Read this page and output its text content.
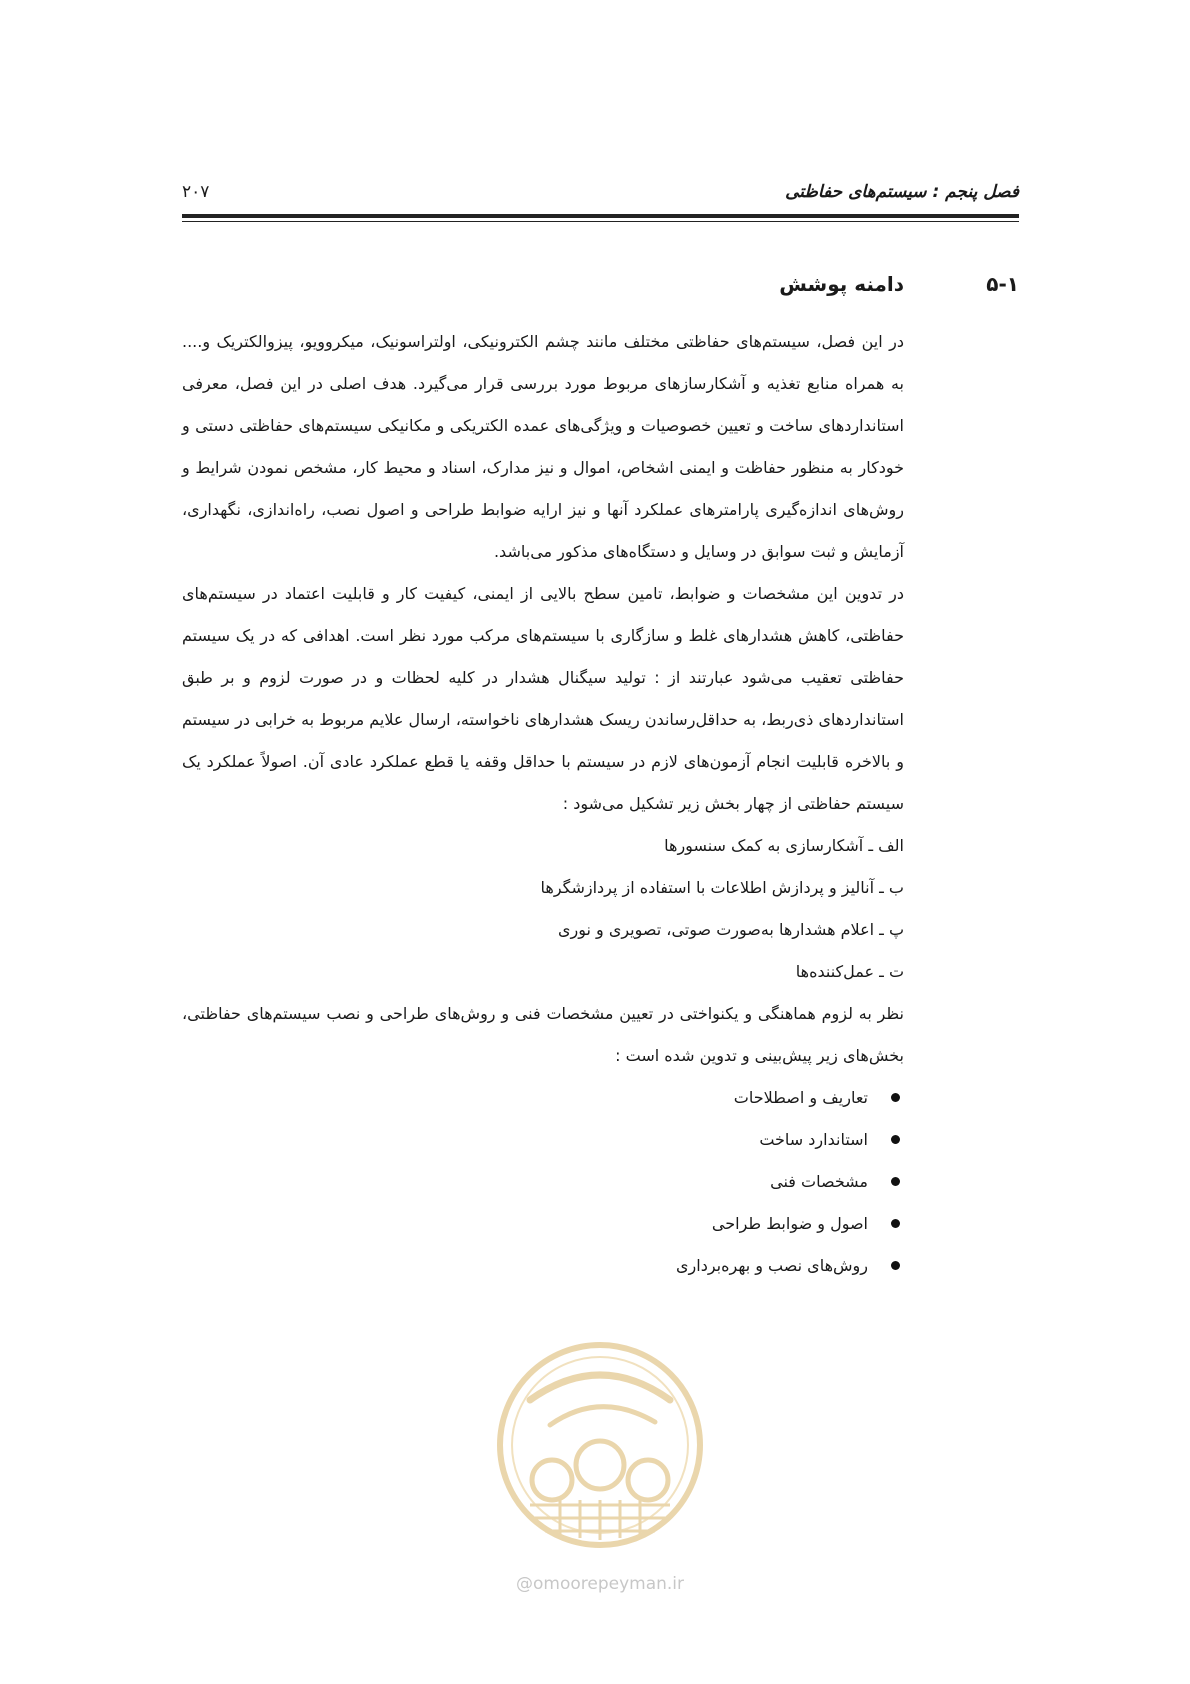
فصل پنجم : سیستم‌های حفاظتی
۲۰۷
۵-۱
دامنه پوشش

در این فصل، سیستم‌های حفاظتی مختلف مانند چشم الکترونیکی، اولتراسونیک، میکروویو، پیزوالکتریک و.... به همراه منابع تغذیه و آشکارسازهای مربوط مورد بررسی قرار می‌گیرد. هدف اصلی در این فصل، معرفی استانداردهای ساخت و تعیین خصوصیات و ویژگی‌های عمده الکتریکی و مکانیکی سیستم‌های حفاظتی دستی و خودکار به منظور حفاظت و ایمنی اشخاص، اموال و نیز مدارک، اسناد و محیط کار، مشخص نمودن شرایط و روش‌های اندازه‌گیری پارامترهای عملکرد آنها و نیز ارایه ضوابط طراحی و اصول نصب، راه‌اندازی، نگهداری، آزمایش و ثبت سوابق در وسایل و دستگاه‌های مذکور می‌باشد.

در تدوین این مشخصات و ضوابط، تامین سطح بالایی از ایمنی، کیفیت کار و قابلیت اعتماد در سیستم‌های حفاظتی، کاهش هشدارهای غلط و سازگاری با سیستم‌های مرکب مورد نظر است. اهدافی که در یک سیستم حفاظتی تعقیب می‌شود عبارتند از : تولید سیگنال هشدار در کلیه لحظات و در صورت لزوم و بر طبق استانداردهای ذی‌ربط، به حداقل‌رساندن ریسک هشدارهای ناخواسته، ارسال علایم مربوط به خرابی در سیستم و بالاخره قابلیت انجام آزمون‌های لازم در سیستم با حداقل وقفه یا قطع عملکرد عادی آن. اصولاً عملکرد یک سیستم حفاظتی از چهار بخش زیر تشکیل می‌شود :

الف ـ آشکارسازی به کمک سنسورها

ب ـ آنالیز و پردازش اطلاعات با استفاده از پردازشگرها

پ ـ اعلام هشدارها به‌صورت صوتی، تصویری و نوری

ت ـ عمل‌کننده‌ها

نظر به لزوم هماهنگی و یکنواختی در تعیین مشخصات فنی و روش‌های طراحی و نصب سیستم‌های حفاظتی، بخش‌های زیر پیش‌بینی و تدوین شده است :

تعاریف و اصطلاحات
استاندارد ساخت
مشخصات فنی
اصول و ضوابط طراحی
روش‌های نصب و بهره‌برداری
@omoorepeyman.ir
